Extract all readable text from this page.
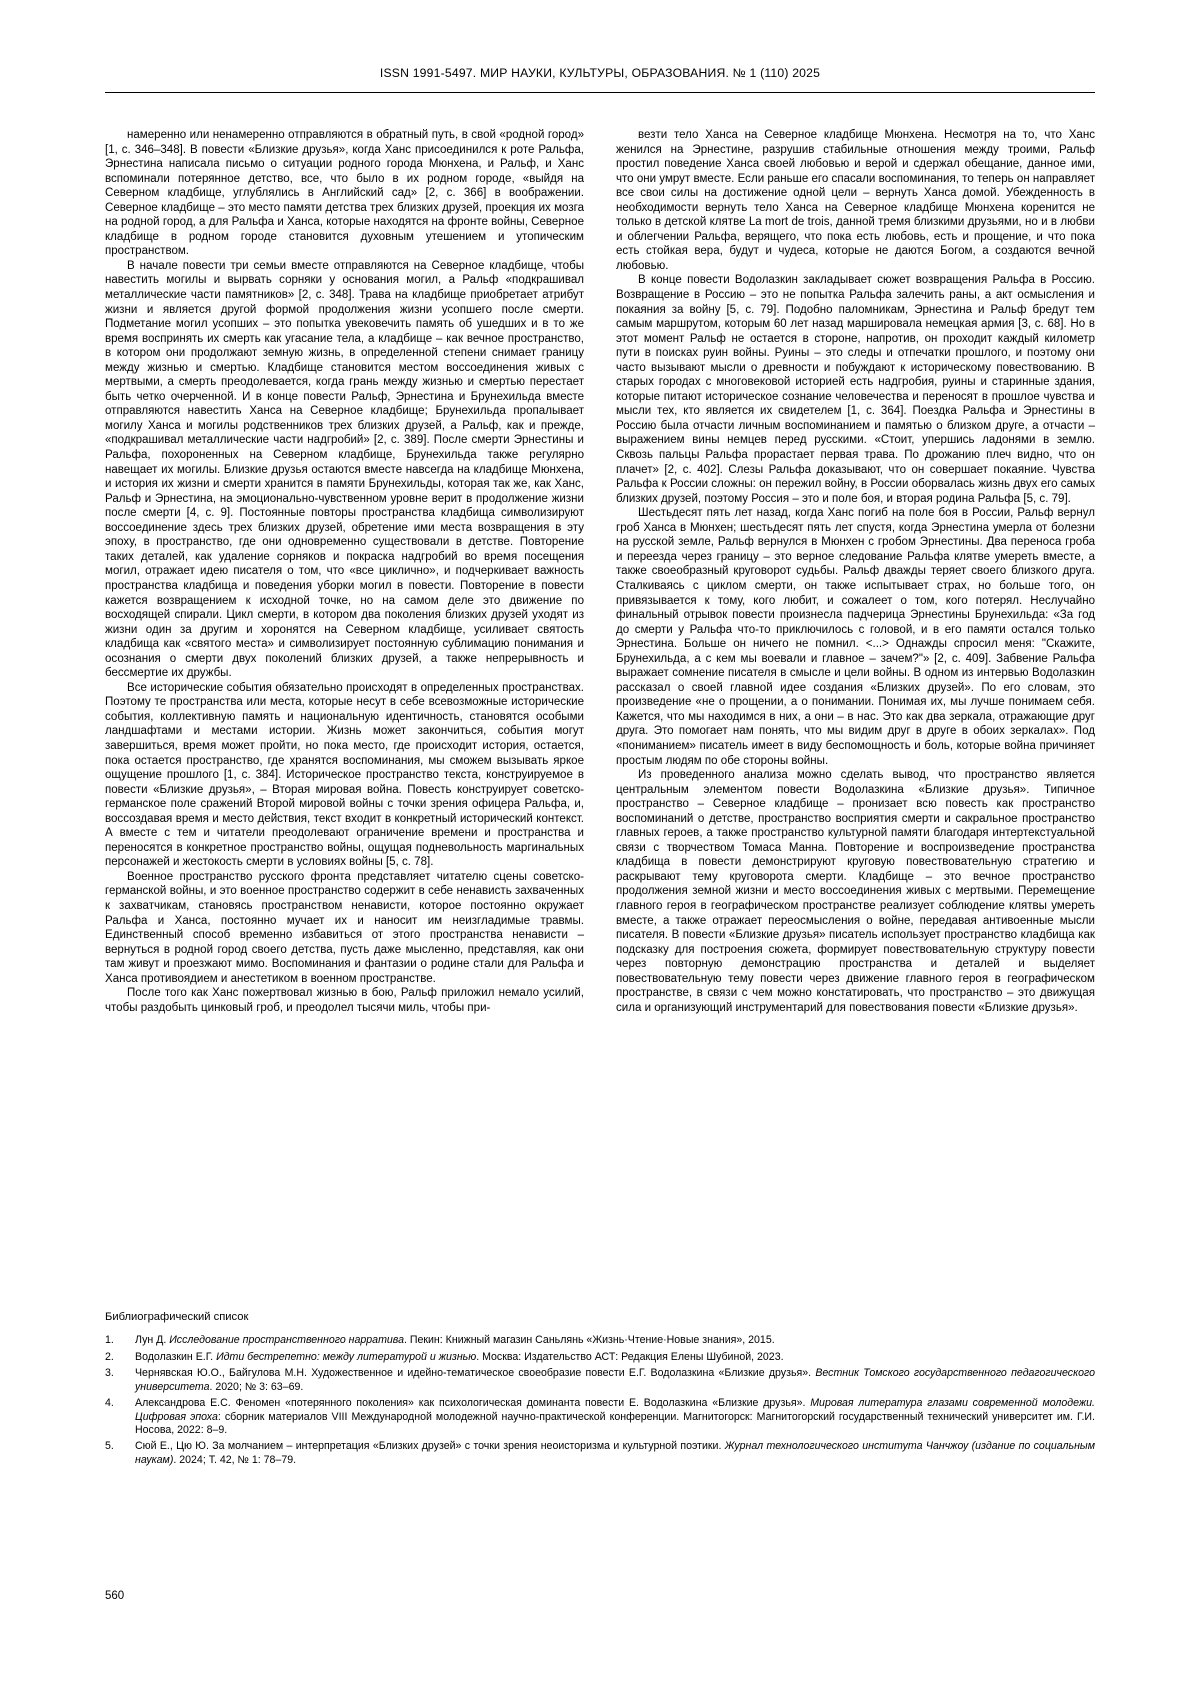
ISSN 1991-5497. МИР НАУКИ, КУЛЬТУРЫ, ОБРАЗОВАНИЯ. № 1 (110) 2025

намеренно или ненамеренно отправляются в обратный путь, в свой «родной город» [1, с. 346–348]. В повести «Близкие друзья», когда Ханс присоединился к роте Ральфа, Эрнестина написала письмо о ситуации родного города Мюнхена, и Ральф, и Ханс вспоминали потерянное детство, все, что было в их родном городе, «выйдя на Северном кладбище, углублялись в Английский сад» [2, с. 366] в воображении. Северное кладбище – это место памяти детства трех близких друзей, проекция их мозга на родной город, а для Ральфа и Ханса, которые находятся на фронте войны, Северное кладбище в родном городе становится духовным утешением и утопическим пространством.

В начале повести три семьи вместе отправляются на Северное кладбище, чтобы навестить могилы и вырвать сорняки у основания могил, а Ральф «подкрашивал металлические части памятников» [2, с. 348]. Трава на кладбище приобретает атрибут жизни и является другой формой продолжения жизни усопшего после смерти. Подметание могил усопших – это попытка увековечить память об ушедших и в то же время воспринять их смерть как угасание тела, а кладбище – как вечное пространство, в котором они продолжают земную жизнь, в определенной степени снимает границу между жизнью и смертью. Кладбище становится местом воссоединения живых с мертвыми, а смерть преодолевается, когда грань между жизнью и смертью перестает быть четко очерченной. И в конце повести Ральф, Эрнестина и Брунехильда вместе отправляются навестить Ханса на Северное кладбище; Брунехильда пропалывает могилу Ханса и могилы родственников трех близких друзей, а Ральф, как и прежде, «подкрашивал металлические части надгробий» [2, с. 389]. После смерти Эрнестины и Ральфа, похороненных на Северном кладбище, Брунехильда также регулярно навещает их могилы. Близкие друзья остаются вместе навсегда на кладбище Мюнхена, и история их жизни и смерти хранится в памяти Брунехильды, которая так же, как Ханс, Ральф и Эрнестина, на эмоционально-чувственном уровне верит в продолжение жизни после смерти [4, с. 9]. Постоянные повторы пространства кладбища символизируют воссоединение здесь трех близких друзей, обретение ими места возвращения в эту эпоху, в пространство, где они одновременно существовали в детстве. Повторение таких деталей, как удаление сорняков и покраска надгробий во время посещения могил, отражает идею писателя о том, что «все циклично», и подчеркивает важность пространства кладбища и поведения уборки могил в повести. Повторение в повести кажется возвращением к исходной точке, но на самом деле это движение по восходящей спирали. Цикл смерти, в котором два поколения близких друзей уходят из жизни один за другим и хоронятся на Северном кладбище, усиливает святость кладбища как «святого места» и символизирует постоянную сублимацию понимания и осознания о смерти двух поколений близких друзей, а также непрерывность и бессмертие их дружбы.

Все исторические события обязательно происходят в определенных пространствах. Поэтому те пространства или места, которые несут в себе всевозможные исторические события, коллективную память и национальную идентичность, становятся особыми ландшафтами и местами истории. Жизнь может закончиться, события могут завершиться, время может пройти, но пока место, где происходит история, остается, пока остается пространство, где хранятся воспоминания, мы сможем вызывать яркое ощущение прошлого [1, с. 384]. Историческое пространство текста, конструируемое в повести «Близкие друзья», – Вторая мировая война. Повесть конструирует советско-германское поле сражений Второй мировой войны с точки зрения офицера Ральфа, и, воссоздавая время и место действия, текст входит в конкретный исторический контекст. А вместе с тем и читатели преодолевают ограничение времени и пространства и переносятся в конкретное пространство войны, ощущая подневольность маргинальных персонажей и жестокость смерти в условиях войны [5, с. 78].

Военное пространство русского фронта представляет читателю сцены советско-германской войны, и это военное пространство содержит в себе ненависть захваченных к захватчикам, становясь пространством ненависти, которое постоянно окружает Ральфа и Ханса, постоянно мучает их и наносит им неизгладимые травмы. Единственный способ временно избавиться от этого пространства ненависти – вернуться в родной город своего детства, пусть даже мысленно, представляя, как они там живут и проезжают мимо. Воспоминания и фантазии о родине стали для Ральфа и Ханса противоядием и анестетиком в военном пространстве.

После того как Ханс пожертвовал жизнью в бою, Ральф приложил немало усилий, чтобы раздобыть цинковый гроб, и преодолел тысячи миль, чтобы при-

везти тело Ханса на Северное кладбище Мюнхена. Несмотря на то, что Ханс женился на Эрнестине, разрушив стабильные отношения между троими, Ральф простил поведение Ханса своей любовью и верой и сдержал обещание, данное ими, что они умрут вместе. Если раньше его спасали воспоминания, то теперь он направляет все свои силы на достижение одной цели – вернуть Ханса домой. Убежденность в необходимости вернуть тело Ханса на Северное кладбище Мюнхена коренится не только в детской клятве La mort de trois, данной тремя близкими друзьями, но и в любви и облегчении Ральфа, верящего, что пока есть любовь, есть и прощение, и что пока есть стойкая вера, будут и чудеса, которые не даются Богом, а создаются вечной любовью.

В конце повести Водолазкин закладывает сюжет возвращения Ральфа в Россию. Возвращение в Россию – это не попытка Ральфа залечить раны, а акт осмысления и покаяния за войну [5, с. 79]. Подобно паломникам, Эрнестина и Ральф бредут тем самым маршрутом, которым 60 лет назад маршировала немецкая армия [3, с. 68]. Но в этот момент Ральф не остается в стороне, напротив, он проходит каждый километр пути в поисках руин войны. Руины – это следы и отпечатки прошлого, и поэтому они часто вызывают мысли о древности и побуждают к историческому повествованию. В старых городах с многовековой историей есть надгробия, руины и старинные здания, которые питают историческое сознание человечества и переносят в прошлое чувства и мысли тех, кто является их свидетелем [1, с. 364]. Поездка Ральфа и Эрнестины в Россию была отчасти личным воспоминанием и памятью о близком друге, а отчасти – выражением вины немцев перед русскими. «Стоит, упершись ладонями в землю. Сквозь пальцы Ральфа прорастает первая трава. По дрожанию плеч видно, что он плачет» [2, с. 402]. Слезы Ральфа доказывают, что он совершает покаяние. Чувства Ральфа к России сложны: он пережил войну, в России оборвалась жизнь двух его самых близких друзей, поэтому Россия – это и поле боя, и вторая родина Ральфа [5, с. 79].

Шестьдесят пять лет назад, когда Ханс погиб на поле боя в России, Ральф вернул гроб Ханса в Мюнхен; шестьдесят пять лет спустя, когда Эрнестина умерла от болезни на русской земле, Ральф вернулся в Мюнхен с гробом Эрнестины. Два переноса гроба и переезда через границу – это верное следование Ральфа клятве умереть вместе, а также своеобразный круговорот судьбы. Ральф дважды теряет своего близкого друга. Сталкиваясь с циклом смерти, он также испытывает страх, но больше того, он привязывается к тому, кого любит, и сожалеет о том, кого потерял. Неслучайно финальный отрывок повести произнесла падчерица Эрнестины Брунехильда: «За год до смерти у Ральфа что-то приключилось с головой, и в его памяти остался только Эрнестина. Больше он ничего не помнил. <...> Однажды спросил меня: "Скажите, Брунехильда, а с кем мы воевали и главное – зачем?"» [2, с. 409]. Забвение Ральфа выражает сомнение писателя в смысле и цели войны. В одном из интервью Водолазкин рассказал о своей главной идее создания «Близких друзей». По его словам, это произведение «не о прощении, а о понимании. Понимая их, мы лучше понимаем себя. Кажется, что мы находимся в них, а они – в нас. Это как два зеркала, отражающие друг друга. Это помогает нам понять, что мы видим друг в друге в обоих зеркалах». Под «пониманием» писатель имеет в виду беспомощность и боль, которые война причиняет простым людям по обе стороны войны.

Из проведенного анализа можно сделать вывод, что пространство является центральным элементом повести Водолазкина «Близкие друзья». Типичное пространство – Северное кладбище – пронизает всю повесть как пространство воспоминаний о детстве, пространство восприятия смерти и сакральное пространство главных героев, а также пространство культурной памяти благодаря интертекстуальной связи с творчеством Томаса Манна. Повторение и воспроизведение пространства кладбища в повести демонстрируют круговую повествовательную стратегию и раскрывают тему круговорота смерти. Кладбище – это вечное пространство продолжения земной жизни и место воссоединения живых с мертвыми. Перемещение главного героя в географическом пространстве реализует соблюдение клятвы умереть вместе, а также отражает переосмысления о войне, передавая антивоенные мысли писателя. В повести «Близкие друзья» писатель использует пространство кладбища как подсказку для построения сюжета, формирует повествовательную структуру повести через повторную демонстрацию пространства и деталей и выделяет повествовательную тему повести через движение главного героя в географическом пространстве, в связи с чем можно констатировать, что пространство – это движущая сила и организующий инструментарий для повествования повести «Близкие друзья».

Библиографический список
1.	Лун Д. Исследование пространственного нарратива. Пекин: Книжный магазин Саньлянь «Жизнь·Чтение·Новые знания», 2015.
2.	Водолазкин Е.Г. Идти бестрепетно: между литературой и жизнью. Москва: Издательство АСТ: Редакция Елены Шубиной, 2023.
3.	Чернявская Ю.О., Байгулова М.Н. Художественное и идейно-тематическое своеобразие повести Е.Г. Водолазкина «Близкие друзья». Вестник Томского государственного педагогического университета. 2020; № 3: 63–69.
4.	Александрова Е.С. Феномен «потерянного поколения» как психологическая доминанта повести Е. Водолазкина «Близкие друзья». Мировая литература глазами современной молодежи. Цифровая эпоха: сборник материалов VIII Международной молодежной научно-практической конференции. Магнитогорск: Магнитогорский государственный технический университет им. Г.И. Носова, 2022: 8–9.
5.	Сюй Е., Цю Ю. За молчанием – интерпретация «Близких друзей» с точки зрения неоисторизма и культурной поэтики. Журнал технологического института Чанчжоу (издание по социальным наукам). 2024; Т. 42, № 1: 78–79.
560
